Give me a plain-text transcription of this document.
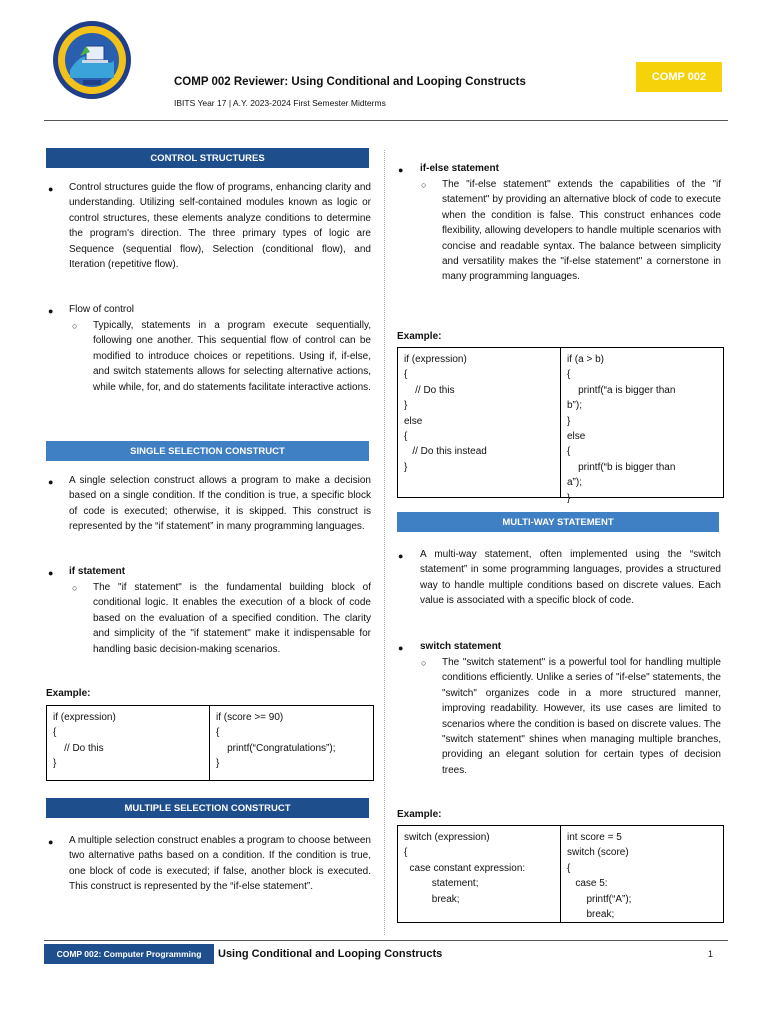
COMP 002 Reviewer: Using Conditional and Looping Constructs
IBITS Year 17 | A.Y. 2023-2024 First Semester Midterms
COMP 002
CONTROL STRUCTURES
● Control structures guide the flow of programs, enhancing clarity and understanding. Utilizing self-contained modules known as logic or control structures, these elements analyze conditions to determine the program's direction. The three primary types of logic are Sequence (sequential flow), Selection (conditional flow), and Iteration (repetitive flow).
● Flow of control
○ Typically, statements in a program execute sequentially, following one another. This sequential flow of control can be modified to introduce choices or repetitions. Using if, if-else, and switch statements allows for selecting alternative actions, while while, for, and do statements facilitate interactive actions.
SINGLE SELECTION CONSTRUCT
● A single selection construct allows a program to make a decision based on a single condition. If the condition is true, a specific block of code is executed; otherwise, it is skipped. This construct is represented by the “if statement” in many programming languages.
● if statement
○ The "if statement" is the fundamental building block of conditional logic. It enables the execution of a block of code based on the evaluation of a specified condition. The clarity and simplicity of the "if statement" make it indispensable for handling basic decision-making scenarios.
Example:
if (expression)
{
// Do this
}
if (score >= 90)
{
printf(“Congratulations”);
}
MULTIPLE SELECTION CONSTRUCT
● A multiple selection construct enables a program to choose between two alternative paths based on a condition. If the condition is true, one block of code is executed; if false, another block is executed. This construct is represented by the “if-else statement”.
● if-else statement
○ The "if-else statement" extends the capabilities of the "if statement" by providing an alternative block of code to execute when the condition is false. This construct enhances code flexibility, allowing developers to handle multiple scenarios with concise and readable syntax. The balance between simplicity and versatility makes the "if-else statement" a cornerstone in many programming languages.
Example:
if (expression)
{
// Do this
}
else
{
// Do this instead
}
if (a > b)
{
printf(“a is bigger than
b”);
}
else
{
printf(“b is bigger than
a”);
}
MULTI-WAY STATEMENT
● A multi-way statement, often implemented using the “switch statement” in some programming languages, provides a structured way to handle multiple conditions based on discrete values. Each value is associated with a specific block of code.
● switch statement
○ The "switch statement" is a powerful tool for handling multiple conditions efficiently. Unlike a series of "if-else" statements, the "switch" organizes code in a more structured manner, improving readability. However, its use cases are limited to scenarios where the condition is based on discrete values. The "switch statement" shines when managing multiple branches, providing an elegant solution for certain types of decision trees.
Example:
switch (expression)
{
case constant expression:
statement;
break;
int score = 5
switch (score)
{
case 5:
printf(“A”);
break;
COMP 002: Computer Programming	Using Conditional and Looping Constructs	1
